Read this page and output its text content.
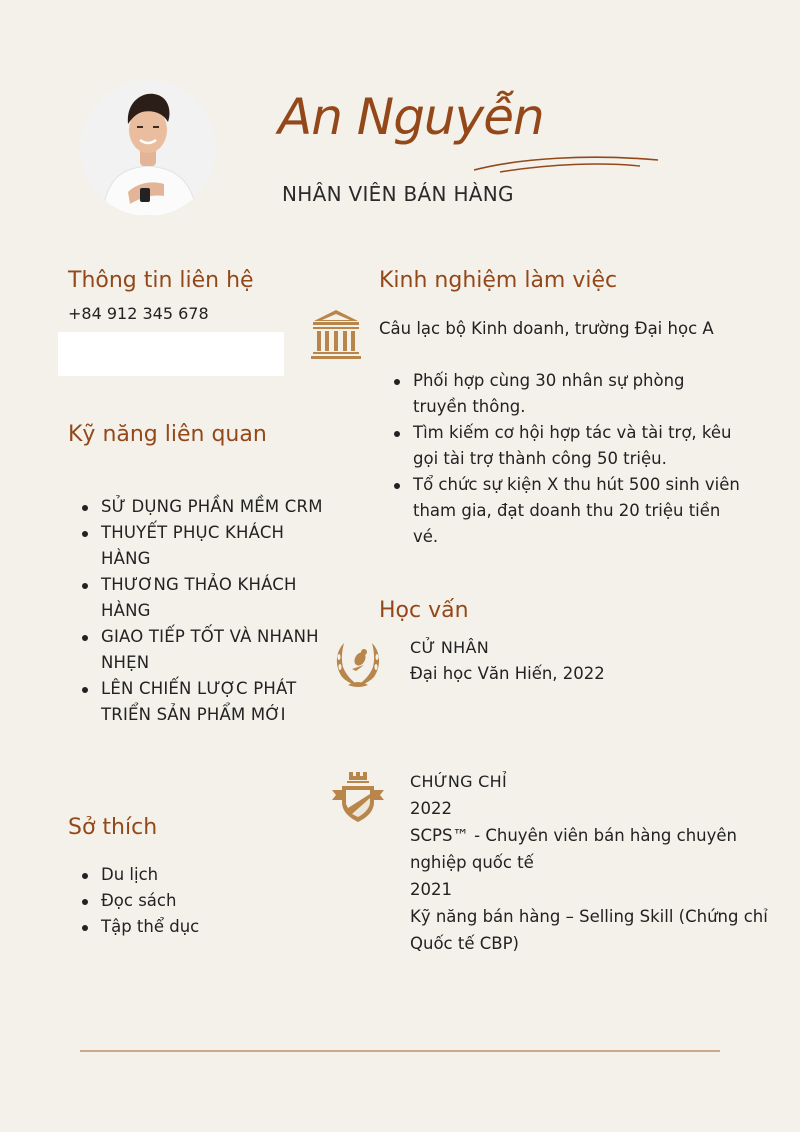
An Nguyễn
NHÂN VIÊN BÁN HÀNG
Thông tin liên hệ
+84 912 345 678
Kỹ năng liên quan
SỬ DỤNG PHẦN MỀM CRM
THUYẾT PHỤC KHÁCH HÀNG
THƯƠNG THẢO KHÁCH HÀNG
GIAO TIẾP TỐT VÀ NHANH NHẸN
LÊN CHIẾN LƯỢC PHÁT TRIỂN SẢN PHẨM MỚI
Sở thích
Du lịch
Đọc sách
Tập thể dục
Kinh nghiệm làm việc
Câu lạc bộ Kinh doanh, trường Đại học A
Phối hợp cùng 30 nhân sự phòng truyền thông.
Tìm kiếm cơ hội hợp tác và tài trợ, kêu gọi tài trợ thành công 50 triệu.
Tổ chức sự kiện X thu hút 500 sinh viên tham gia, đạt doanh thu 20 triệu tiền vé.
Học vấn
CỬ NHÂN
Đại học Văn Hiến, 2022
CHỨNG CHỈ
2022
SCPS™ - Chuyên viên bán hàng chuyên nghiệp quốc tế
2021
Kỹ năng bán hàng – Selling Skill (Chứng chỉ Quốc tế CBP)
